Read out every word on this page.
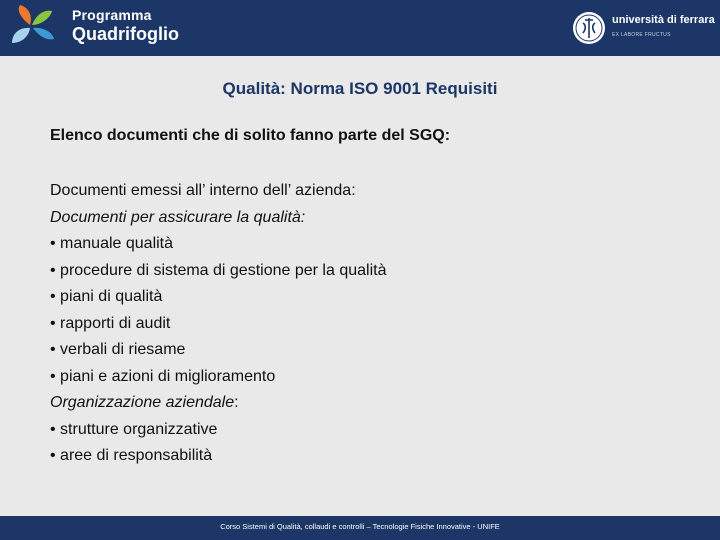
Programma
Quadrifoglio
università di ferrara
EX LABORE FRUCTUS
Qualità: Norma ISO 9001 Requisiti
Elenco documenti che di solito fanno parte del SGQ:
Documenti emessi all’ interno dell’ azienda:
Documenti per assicurare la qualità:
• manuale qualità
• procedure di sistema di gestione per la qualità
• piani di qualità
• rapporti di audit
• verbali di riesame
• piani e azioni di miglioramento
Organizzazione aziendale:
• strutture organizzative
• aree di responsabilità
Corso Sistemi di Qualità, collaudi e controlli – Tecnologie Fisiche Innovative - UNIFE
